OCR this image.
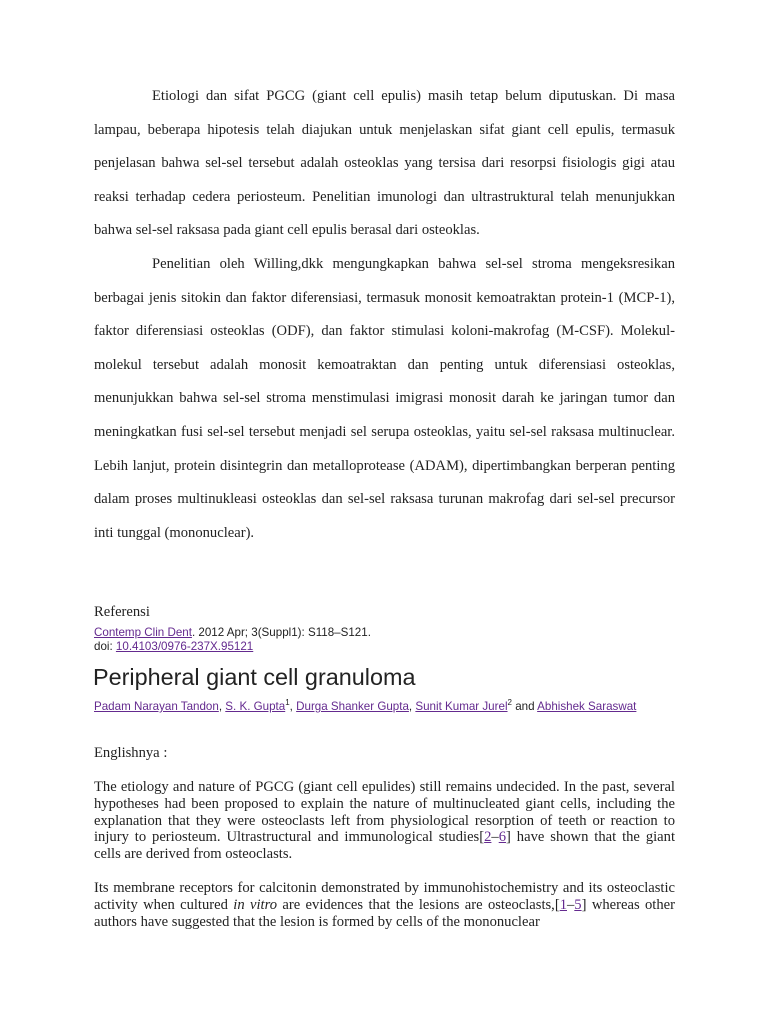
Etiologi dan sifat PGCG (giant cell epulis) masih tetap belum diputuskan. Di masa lampau, beberapa hipotesis telah diajukan untuk menjelaskan sifat giant cell epulis, termasuk penjelasan bahwa sel-sel tersebut adalah osteoklas yang tersisa dari resorpsi fisiologis gigi atau reaksi terhadap cedera periosteum. Penelitian imunologi dan ultrastruktural telah menunjukkan bahwa sel-sel raksasa pada giant cell epulis berasal dari osteoklas.

Penelitian oleh Willing,dkk mengungkapkan bahwa sel-sel stroma mengeksresikan berbagai jenis sitokin dan faktor diferensiasi, termasuk monosit kemoatraktan protein-1 (MCP-1), faktor diferensiasi osteoklas (ODF), dan faktor stimulasi koloni-makrofag (M-CSF). Molekul-molekul tersebut adalah monosit kemoatraktan dan penting untuk diferensiasi osteoklas, menunjukkan bahwa sel-sel stroma menstimulasi imigrasi monosit darah ke jaringan tumor dan meningkatkan fusi sel-sel tersebut menjadi sel serupa osteoklas, yaitu sel-sel raksasa multinuclear. Lebih lanjut, protein disintegrin dan metalloprotease (ADAM), dipertimbangkan berperan penting dalam proses multinukleasi osteoklas dan sel-sel raksasa turunan makrofag dari sel-sel precursor inti tunggal (mononuclear).

Referensi

Contemp Clin Dent. 2012 Apr; 3(Suppl1): S118–S121.
doi: 10.4103/0976-237X.95121

Peripheral giant cell granuloma

Padam Narayan Tandon, S. K. Gupta$^1$, Durga Shanker Gupta, Sunit Kumar Jurel$^2$ and Abhishek Saraswat

Englishnya :

The etiology and nature of PGCG (giant cell epulides) still remains undecided. In the past, several hypotheses had been proposed to explain the nature of multinucleated giant cells, including the explanation that they were osteoclasts left from physiological resorption of teeth or reaction to injury to periosteum. Ultrastructural and immunological studies[2–6] have shown that the giant cells are derived from osteoclasts.

Its membrane receptors for calcitonin demonstrated by immunohistochemistry and its osteoclastic activity when cultured in vitro are evidences that the lesions are osteoclasts,[1–5] whereas other authors have suggested that the lesion is formed by cells of the mononuclear
